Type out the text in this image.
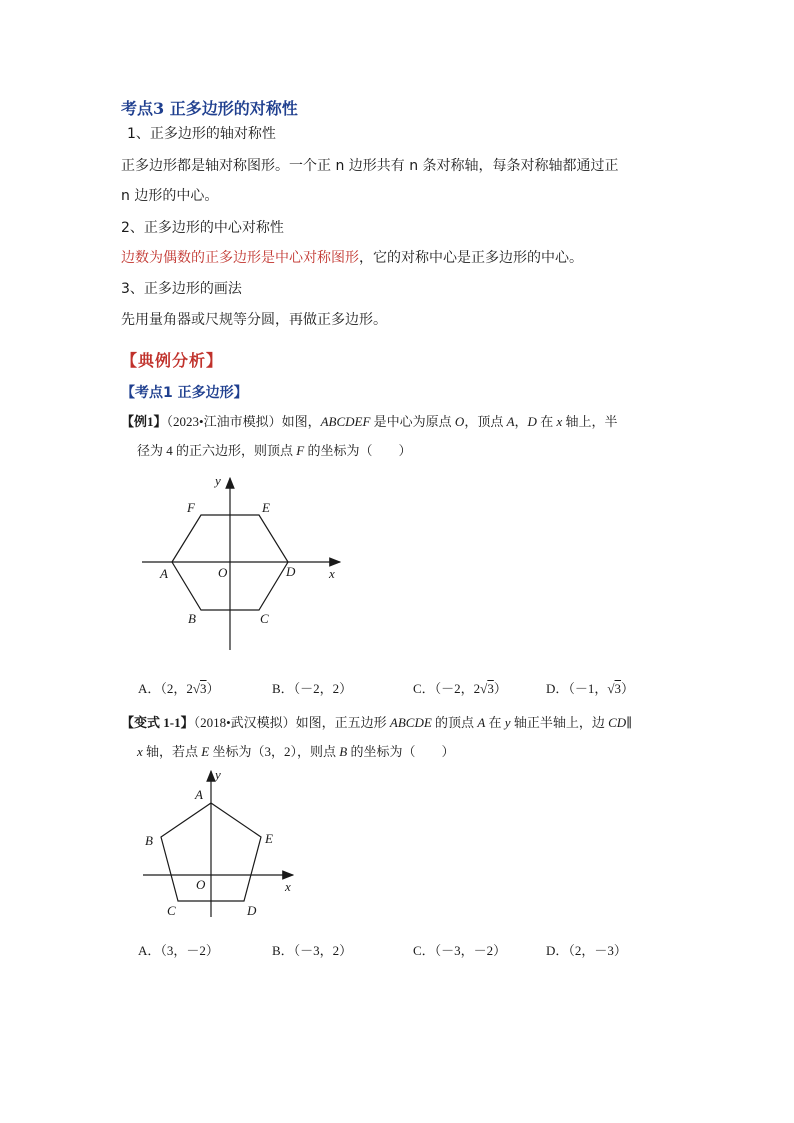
考点3 正多边形的对称性
1、正多边形的轴对称性
正多边形都是轴对称图形。一个正 n 边形共有 n 条对称轴，每条对称轴都通过正
n 边形的中心。
2、正多边形的中心对称性
边数为偶数的正多边形是中心对称图形，它的对称中心是正多边形的中心。
3、正多边形的画法
先用量角器或尺规等分圆，再做正多边形。
【典例分析】
【考点1 正多边形】
【例1】（2023•江油市模拟）如图，ABCDEF 是中心为原点 O，顶点 A，D 在 x 轴上，半
径为 4 的正六边形，则顶点 F 的坐标为（　　）
y
x
F	E
A	O	D
B	C
A．（2，2√3）	B．（－2，2）	C．（－2，2√3）	D．（－1，√3）
【变式 1-1】（2018•武汉模拟）如图，正五边形 ABCDE 的顶点 A 在 y 轴正半轴上，边 CD∥
x 轴，若点 E 坐标为（3，2），则点 B 的坐标为（　　）
y
x
A
B	E
O
C	D
A．（3，－2）	B．（－3，2）	C．（－3，－2）	D．（2，－3）
